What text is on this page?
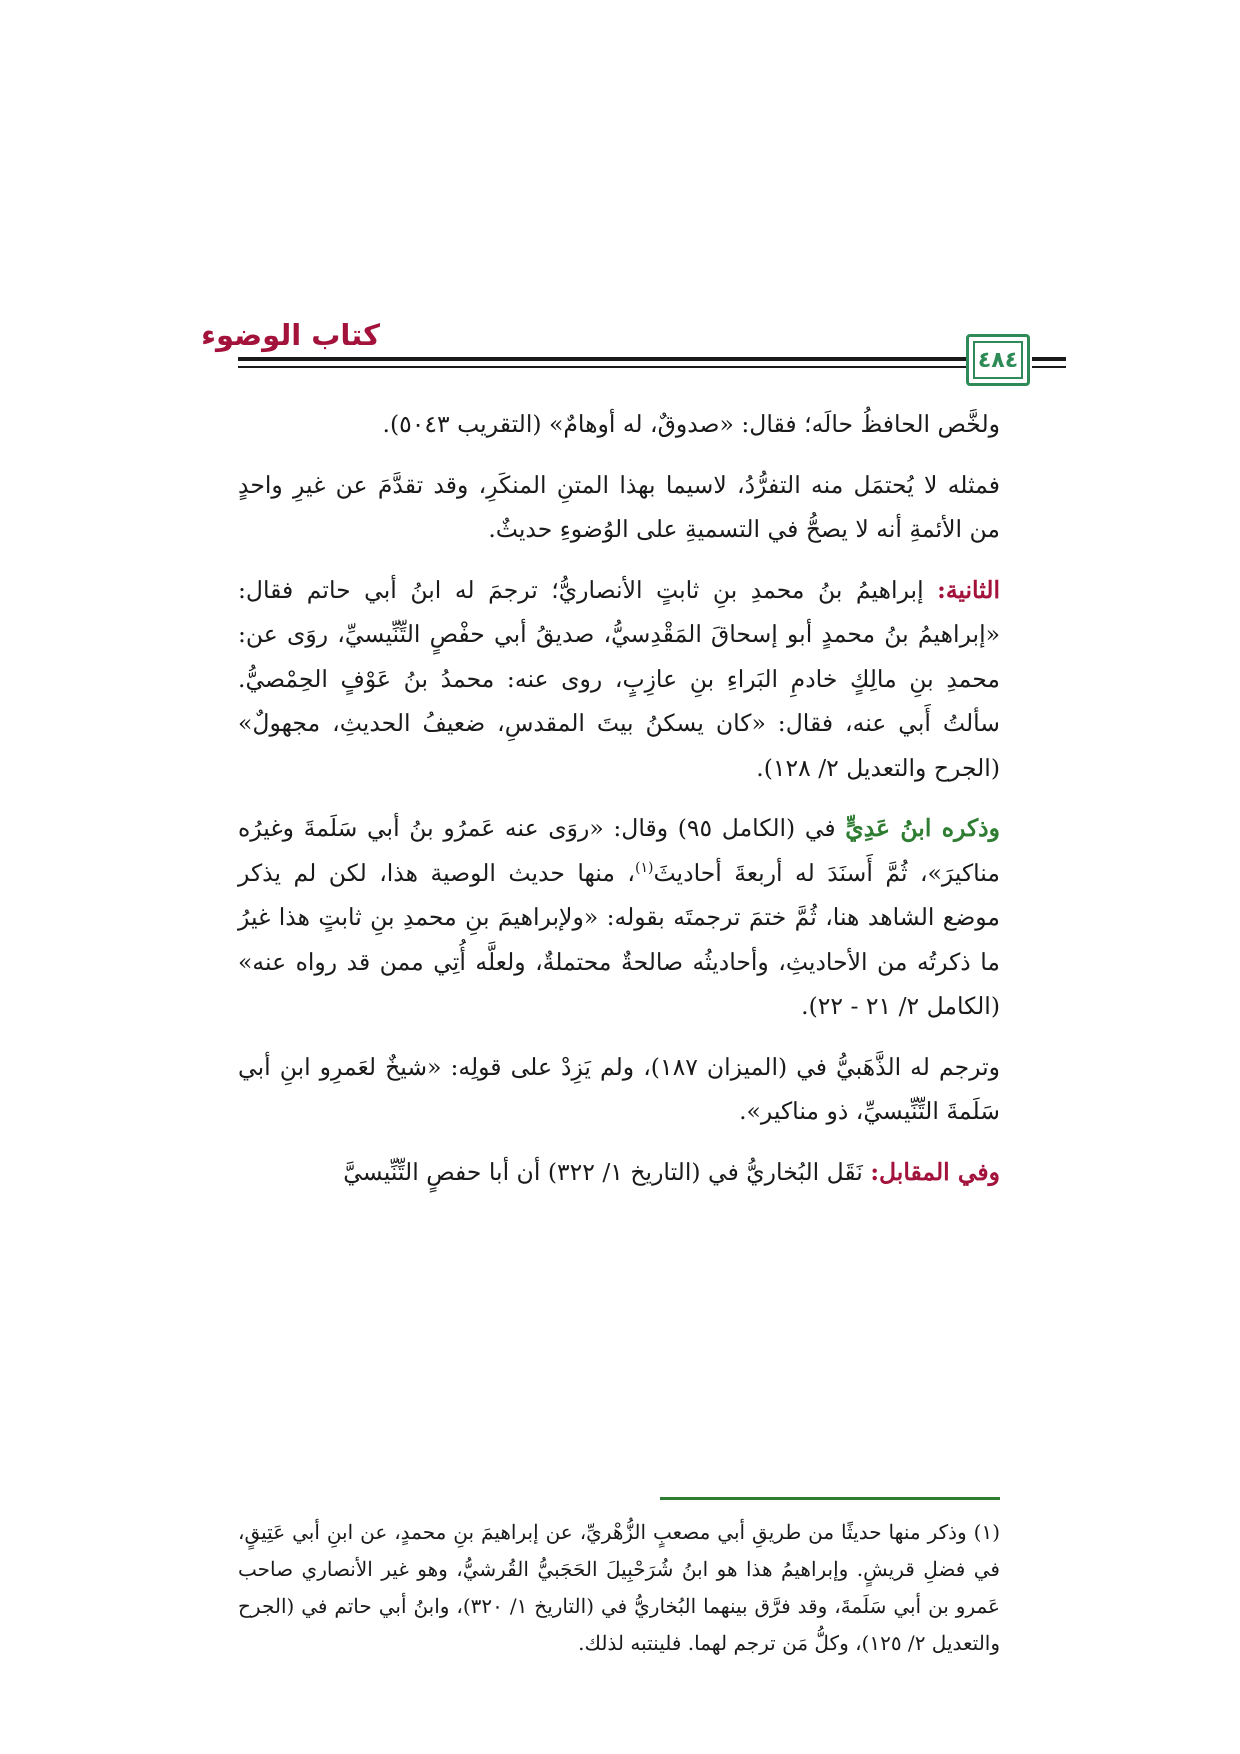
كتاب الوضوء
٤٨٤

ولخَّص الحافظُ حالَه؛ فقال: «صدوقٌ، له أوهامٌ» (التقريب ٥٠٤٣).

فمثله لا يُحتمَل منه التفرُّدُ، لاسيما بهذا المتنِ المنكَرِ، وقد تقدَّمَ عن غيرِ واحدٍ من الأئمةِ أنه لا يصحُّ في التسميةِ على الوُضوءِ حديثٌ.

الثانية: إبراهيمُ بنُ محمدِ بنِ ثابتٍ الأنصاريُّ؛ ترجمَ له ابنُ أبي حاتم فقال: «إبراهيمُ بنُ محمدٍ أبو إسحاقَ المَقْدِسيُّ، صديقُ أبي حفْصٍ التِّنِّيسيِّ، روَى عن: محمدِ بنِ مالِكٍ خادمِ البَراءِ بنِ عازِبٍ، روى عنه: محمدُ بنُ عَوْفٍ الحِمْصيُّ. سألتُ أَبي عنه، فقال: «كان يسكنُ بيتَ المقدسِ، ضعيفُ الحديثِ، مجهولٌ» (الجرح والتعديل ٢/ ١٢٨).

وذكره ابنُ عَدِيٍّ في (الكامل ٩٥) وقال: «روَى عنه عَمرُو بنُ أبي سَلَمةَ وغيرُه مناكيرَ»، ثُمَّ أَسنَدَ له أربعةَ أحاديثَ$^{(١)}$، منها حديث الوصية هذا، لكن لم يذكر موضع الشاهد هنا، ثُمَّ ختمَ ترجمتَه بقوله: «ولإبراهيمَ بنِ محمدِ بنِ ثابتٍ هذا غيرُ ما ذكرتُه من الأحاديثِ، وأحاديثُه صالحةٌ محتملةٌ، ولعلَّه أُتِي ممن قد رواه عنه» (الكامل ٢/ ٢١ - ٢٢).

وترجم له الذَّهَبيُّ في (الميزان ١٨٧)، ولم يَزِدْ على قولِه: «شيخٌ لعَمرِو ابنِ أبي سَلَمةَ التِّنِّيسيِّ، ذو مناكير».

وفي المقابل: نَقَل البُخاريُّ في (التاريخ ١/ ٣٢٢) أن أبا حفصٍ التِّنِّيسيَّ

(١) وذكر منها حديثًا من طريقِ أبي مصعبٍ الزُّهْريِّ، عن إبراهيمَ بنِ محمدٍ، عن ابنِ أبي عَتِيقٍ، في فضلِ قريشٍ. وإبراهيمُ هذا هو ابنُ شُرَحْبِيلَ الحَجَبيُّ القُرشيُّ، وهو غير الأنصاري صاحب عَمرو بن أبي سَلَمةَ، وقد فرَّق بينهما البُخاريُّ في (التاريخ ١/ ٣٢٠)، وابنُ أبي حاتم في (الجرح والتعديل ٢/ ١٢٥)، وكلُّ مَن ترجم لهما. فلينتبه لذلك.
